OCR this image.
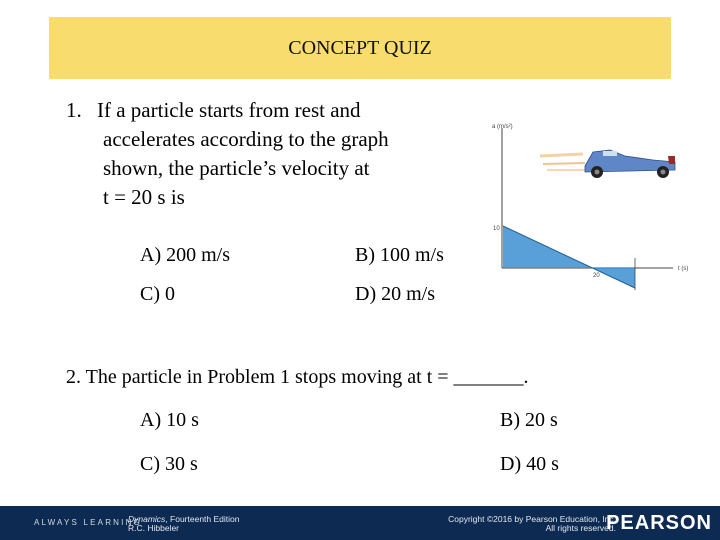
CONCEPT QUIZ
1. If a particle starts from rest and
accelerates according to the graph
shown, the particle’s velocity at
t = 20 s is
A) 200 m/s	B) 100 m/s
C) 0	D) 20 m/s
a (m/s²)
t (s)
10
20
2. The particle in Problem 1 stops moving at t = _______.
A) 10 s	B) 20 s
C) 30 s	D) 40 s
ALWAYS LEARNING
Dynamics, Fourteenth Edition
R.C. Hibbeler
Copyright ©2016 by Pearson Education, Inc.
All rights reserved.
PEARSON
